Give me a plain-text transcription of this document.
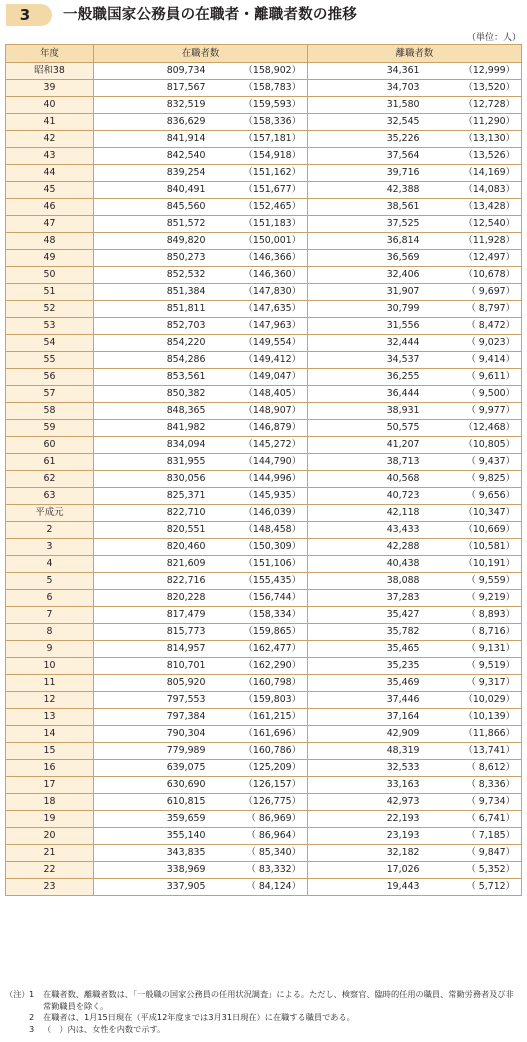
3	一般職国家公務員の在職者・離職者数の推移
（単位：人）
年度	在職者数		離職者数	
昭和38	809,734	（158,902）	34,361	（12,999）
39	817,567	（158,783）	34,703	（13,520）
40	832,519	（159,593）	31,580	（12,728）
41	836,629	（158,336）	32,545	（11,290）
42	841,914	（157,181）	35,226	（13,130）
43	842,540	（154,918）	37,564	（13,526）
44	839,254	（151,162）	39,716	（14,169）
45	840,491	（151,677）	42,388	（14,083）
46	845,560	（152,465）	38,561	（13,428）
47	851,572	（151,183）	37,525	（12,540）
48	849,820	（150,001）	36,814	（11,928）
49	850,273	（146,366）	36,569	（12,497）
50	852,532	（146,360）	32,406	（10,678）
51	851,384	（147,830）	31,907	（ 9,697）
52	851,811	（147,635）	30,799	（ 8,797）
53	852,703	（147,963）	31,556	（ 8,472）
54	854,220	（149,554）	32,444	（ 9,023）
55	854,286	（149,412）	34,537	（ 9,414）
56	853,561	（149,047）	36,255	（ 9,611）
57	850,382	（148,405）	36,444	（ 9,500）
58	848,365	（148,907）	38,931	（ 9,977）
59	841,982	（146,879）	50,575	（12,468）
60	834,094	（145,272）	41,207	（10,805）
61	831,955	（144,790）	38,713	（ 9,437）
62	830,056	（144,996）	40,568	（ 9,825）
63	825,371	（145,935）	40,723	（ 9,656）
平成元	822,710	（146,039）	42,118	（10,347）
2	820,551	（148,458）	43,433	（10,669）
3	820,460	（150,309）	42,288	（10,581）
4	821,609	（151,106）	40,438	（10,191）
5	822,716	（155,435）	38,088	（ 9,559）
6	820,228	（156,744）	37,283	（ 9,219）
7	817,479	（158,334）	35,427	（ 8,893）
8	815,773	（159,865）	35,782	（ 8,716）
9	814,957	（162,477）	35,465	（ 9,131）
10	810,701	（162,290）	35,235	（ 9,519）
11	805,920	（160,798）	35,469	（ 9,317）
12	797,553	（159,803）	37,446	（10,029）
13	797,384	（161,215）	37,164	（10,139）
14	790,304	（161,696）	42,909	（11,866）
15	779,989	（160,786）	48,319	（13,741）
16	639,075	（125,209）	32,533	（ 8,612）
17	630,690	（126,157）	33,163	（ 8,336）
18	610,815	（126,775）	42,973	（ 9,734）
19	359,659	（ 86,969）	22,193	（ 6,741）
20	355,140	（ 86,964）	23,193	（ 7,185）
21	343,835	（ 85,340）	32,182	（ 9,847）
22	338,969	（ 83,332）	17,026	（ 5,352）
23	337,905	（ 84,124）	19,443	（ 5,712）
（注） 1	在職者数、離職者数は、「一般職の国家公務員の任用状況調査」による。ただし、検察官、臨時的任用の職員、常勤労務者及び非常勤職員を除く。
2	在職者は、1月15日現在（平成12年度までは3月31日現在）に在職する職員である。
3	（　）内は、女性を内数で示す。
